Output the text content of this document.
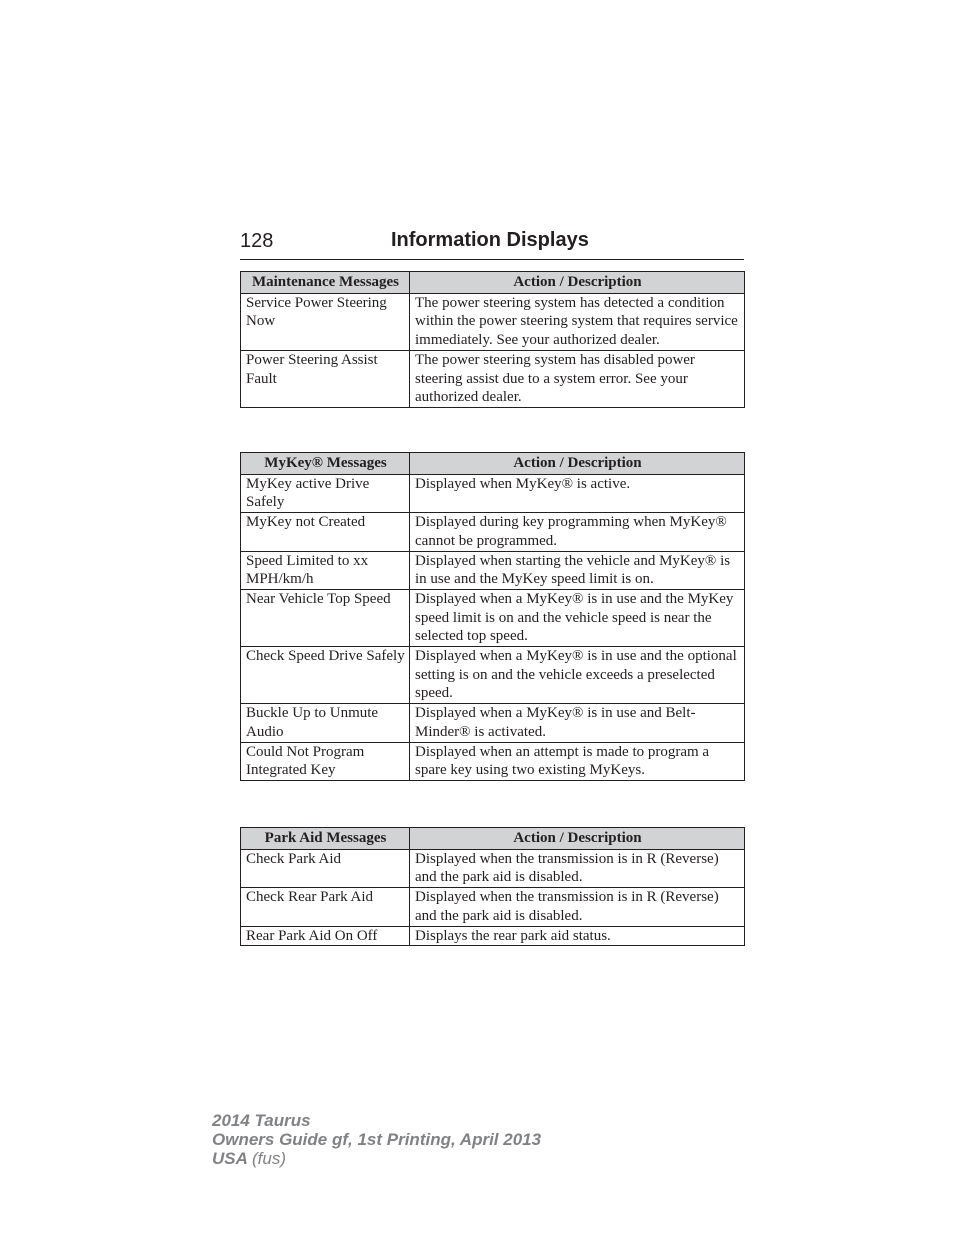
128	Information Displays
Maintenance Messages	Action / Description
Service Power Steering Now	The power steering system has detected a condition within the power steering system that requires service immediately. See your authorized dealer.
Power Steering Assist Fault	The power steering system has disabled power steering assist due to a system error. See your authorized dealer.
MyKey® Messages	Action / Description
MyKey active Drive Safely	Displayed when MyKey® is active.
MyKey not Created	Displayed during key programming when MyKey® cannot be programmed.
Speed Limited to xx MPH/km/h	Displayed when starting the vehicle and MyKey® is in use and the MyKey speed limit is on.
Near Vehicle Top Speed	Displayed when a MyKey® is in use and the MyKey speed limit is on and the vehicle speed is near the selected top speed.
Check Speed Drive Safely	Displayed when a MyKey® is in use and the optional setting is on and the vehicle exceeds a preselected speed.
Buckle Up to Unmute Audio	Displayed when a MyKey® is in use and Belt-Minder® is activated.
Could Not Program Integrated Key	Displayed when an attempt is made to program a spare key using two existing MyKeys.
Park Aid Messages	Action / Description
Check Park Aid	Displayed when the transmission is in R (Reverse) and the park aid is disabled.
Check Rear Park Aid	Displayed when the transmission is in R (Reverse) and the park aid is disabled.
Rear Park Aid On Off	Displays the rear park aid status.
2014 Taurus
Owners Guide gf, 1st Printing, April 2013
USA (fus)
